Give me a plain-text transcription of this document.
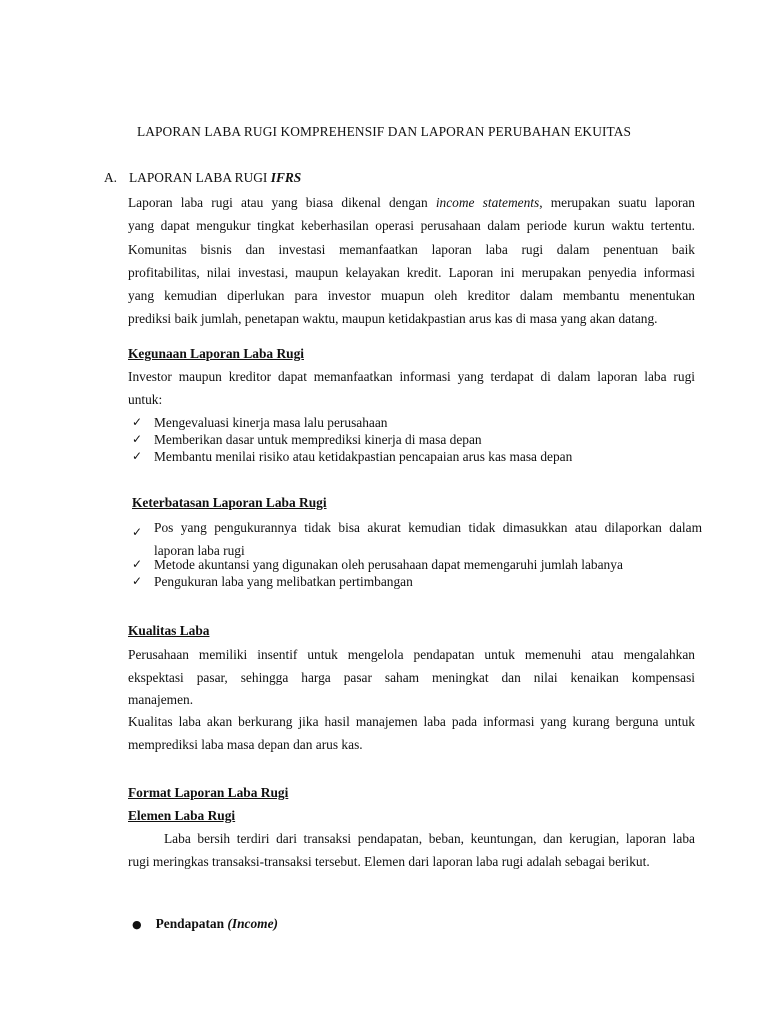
LAPORAN LABA RUGI KOMPREHENSIF DAN LAPORAN PERUBAHAN EKUITAS
A. LAPORAN LABA RUGI IFRS
Laporan laba rugi atau yang biasa dikenal dengan income statements, merupakan suatu laporan
yang dapat mengukur tingkat keberhasilan operasi perusahaan dalam periode kurun waktu tertentu.
Komunitas bisnis dan investasi memanfaatkan laporan laba rugi dalam penentuan baik
profitabilitas, nilai investasi, maupun kelayakan kredit. Laporan ini merupakan penyedia informasi
yang kemudian diperlukan para investor muapun oleh kreditor dalam membantu menentukan
prediksi baik jumlah, penetapan waktu, maupun ketidakpastian arus kas di masa yang akan datang.
Kegunaan Laporan Laba Rugi
Investor maupun kreditor dapat memanfaatkan informasi yang terdapat di dalam laporan laba rugi
untuk:
✓ Mengevaluasi kinerja masa lalu perusahaan
✓ Memberikan dasar untuk memprediksi kinerja di masa depan
✓ Membantu menilai risiko atau ketidakpastian pencapaian arus kas masa depan
Keterbatasan Laporan Laba Rugi
✓ Pos yang pengukurannya tidak bisa akurat kemudian tidak dimasukkan atau dilaporkan dalam
laporan laba rugi
✓ Metode akuntansi yang digunakan oleh perusahaan dapat memengaruhi jumlah labanya
✓ Pengukuran laba yang melibatkan pertimbangan
Kualitas Laba
Perusahaan memiliki insentif untuk mengelola pendapatan untuk memenuhi atau mengalahkan
ekspektasi pasar, sehingga harga pasar saham meningkat dan nilai kenaikan kompensasi
manajemen.
Kualitas laba akan berkurang jika hasil manajemen laba pada informasi yang kurang berguna untuk
memprediksi laba masa depan dan arus kas.
Format Laporan Laba Rugi
Elemen Laba Rugi
Laba bersih terdiri dari transaksi pendapatan, beban, keuntungan, dan kerugian, laporan laba
rugi meringkas transaksi-transaksi tersebut. Elemen dari laporan laba rugi adalah sebagai berikut.
● Pendapatan (Income)
